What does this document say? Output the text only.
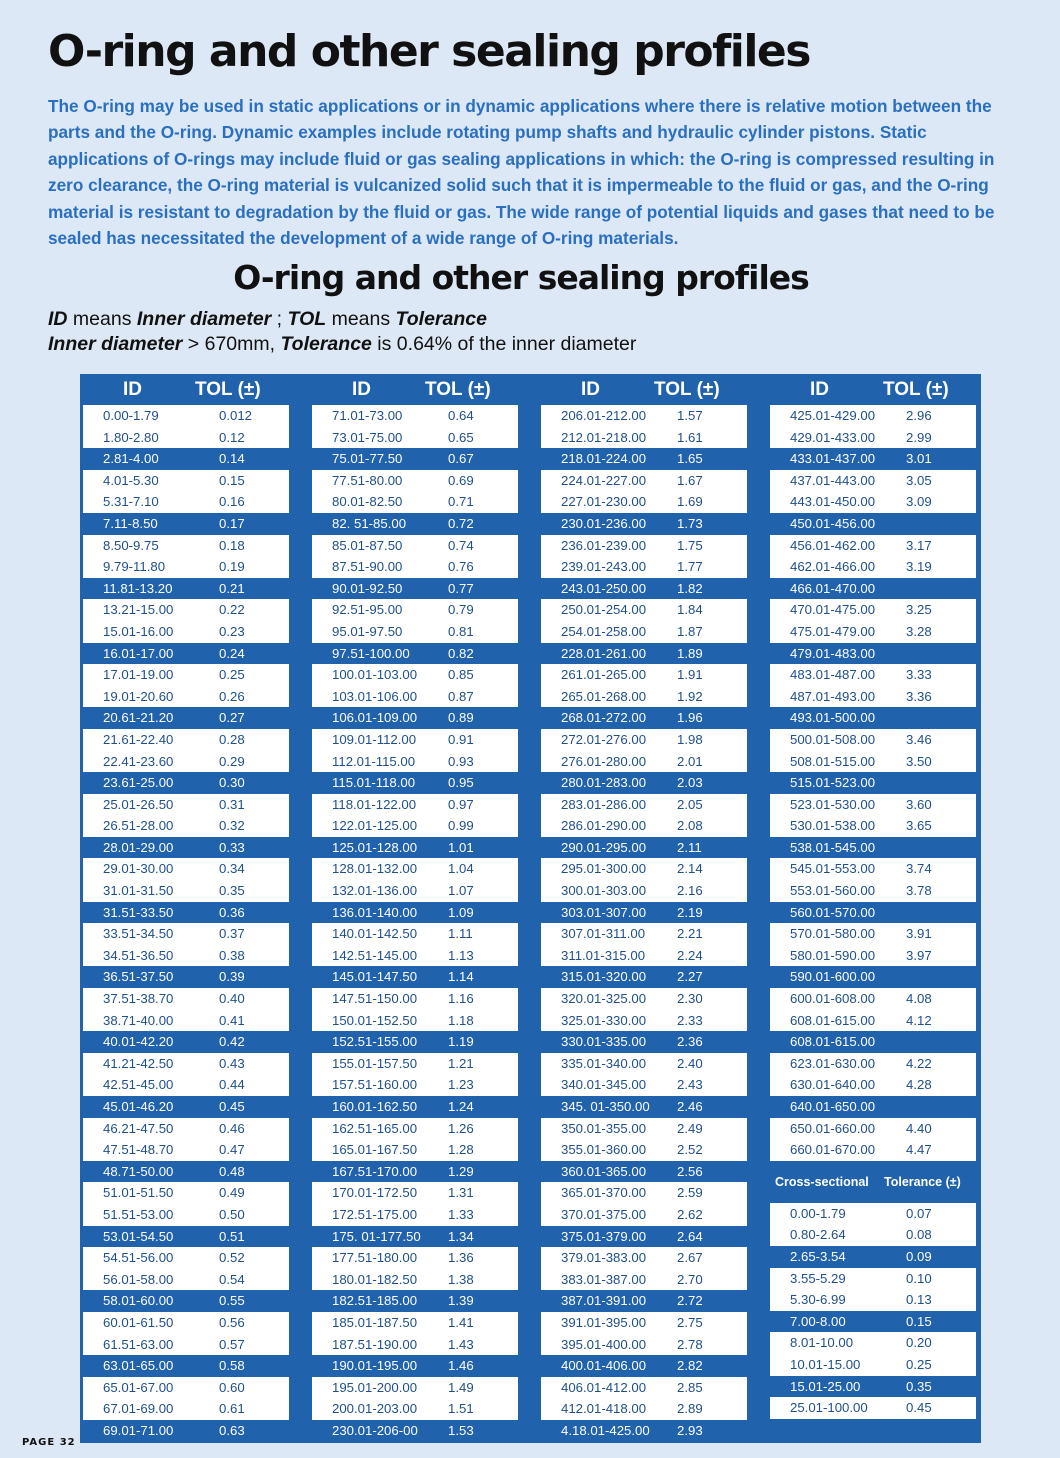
O-ring and other sealing profiles

The O-ring may be used in static applications or in dynamic applications where there is relative motion between the parts and the O-ring. Dynamic examples include rotating pump shafts and hydraulic cylinder pistons. Static applications of O-rings may include fluid or gas sealing applications in which: the O-ring is compressed resulting in zero clearance, the O-ring material is vulcanized solid such that it is impermeable to the fluid or gas, and the O-ring material is resistant to degradation by the fluid or gas. The wide range of potential liquids and gases that need to be sealed has necessitated the development of a wide range of O-ring materials.

O-ring and other sealing profiles
ID means Inner diameter ; TOL means Tolerance
Inner diameter > 670mm, Tolerance is 0.64% of the inner diameter
ID	TOL (±)
0.00-1.79	0.012
1.80-2.80	0.12
2.81-4.00	0.14
4.01-5.30	0.15
5.31-7.10	0.16
7.11-8.50	0.17
8.50-9.75	0.18
9.79-11.80	0.19
11.81-13.20	0.21
13.21-15.00	0.22
15.01-16.00	0.23
16.01-17.00	0.24
17.01-19.00	0.25
19.01-20.60	0.26
20.61-21.20	0.27
21.61-22.40	0.28
22.41-23.60	0.29
23.61-25.00	0.30
25.01-26.50	0.31
26.51-28.00	0.32
28.01-29.00	0.33
29.01-30.00	0.34
31.01-31.50	0.35
31.51-33.50	0.36
33.51-34.50	0.37
34.51-36.50	0.38
36.51-37.50	0.39
37.51-38.70	0.40
38.71-40.00	0.41
40.01-42.20	0.42
41.21-42.50	0.43
42.51-45.00	0.44
45.01-46.20	0.45
46.21-47.50	0.46
47.51-48.70	0.47
48.71-50.00	0.48
51.01-51.50	0.49
51.51-53.00	0.50
53.01-54.50	0.51
54.51-56.00	0.52
56.01-58.00	0.54
58.01-60.00	0.55
60.01-61.50	0.56
61.51-63.00	0.57
63.01-65.00	0.58
65.01-67.00	0.60
67.01-69.00	0.61
69.01-71.00	0.63
ID	TOL (±)
71.01-73.00	0.64
73.01-75.00	0.65
75.01-77.50	0.67
77.51-80.00	0.69
80.01-82.50	0.71
82. 51-85.00	0.72
85.01-87.50	0.74
87.51-90.00	0.76
90.01-92.50	0.77
92.51-95.00	0.79
95.01-97.50	0.81
97.51-100.00	0.82
100.01-103.00 0.85
103.01-106.00 0.87
106.01-109.00 0.89
109.01-112.00 0.91
112.01-115.00 0.93
115.01-118.00 0.95
118.01-122.00 0.97
122.01-125.00 0.99
125.01-128.00 1.01
128.01-132.00 1.04
132.01-136.00 1.07
136.01-140.00 1.09
140.01-142.50 1.11
142.51-145.00 1.13
145.01-147.50 1.14
147.51-150.00 1.16
150.01-152.50 1.18
152.51-155.00 1.19
155.01-157.50 1.21
157.51-160.00 1.23
160.01-162.50 1.24
162.51-165.00 1.26
165.01-167.50 1.28
167.51-170.00 1.29
170.01-172.50 1.31
172.51-175.00 1.33
175. 01-177.50 1.34
177.51-180.00 1.36
180.01-182.50 1.38
182.51-185.00 1.39
185.01-187.50 1.41
187.51-190.00 1.43
190.01-195.00 1.46
195.01-200.00 1.49
200.01-203.00 1.51
230.01-206-00 1.53
ID	TOL (±)
206.01-212.00 1.57
212.01-218.00 1.61
218.01-224.00 1.65
224.01-227.00 1.67
227.01-230.00 1.69
230.01-236.00 1.73
236.01-239.00 1.75
239.01-243.00 1.77
243.01-250.00 1.82
250.01-254.00 1.84
254.01-258.00 1.87
228.01-261.00 1.89
261.01-265.00 1.91
265.01-268.00 1.92
268.01-272.00 1.96
272.01-276.00 1.98
276.01-280.00 2.01
280.01-283.00 2.03
283.01-286.00 2.05
286.01-290.00 2.08
290.01-295.00 2.11
295.01-300.00 2.14
300.01-303.00 2.16
303.01-307.00 2.19
307.01-311.00 2.21
311.01-315.00 2.24
315.01-320.00 2.27
320.01-325.00 2.30
325.01-330.00 2.33
330.01-335.00 2.36
335.01-340.00 2.40
340.01-345.00 2.43
345. 01-350.00 2.46
350.01-355.00 2.49
355.01-360.00 2.52
360.01-365.00 2.56
365.01-370.00 2.59
370.01-375.00 2.62
375.01-379.00 2.64
379.01-383.00 2.67
383.01-387.00 2.70
387.01-391.00 2.72
391.01-395.00 2.75
395.01-400.00 2.78
400.01-406.00 2.82
406.01-412.00 2.85
412.01-418.00 2.89
4.18.01-425.00 2.93
ID	TOL (±)
425.01-429.00 2.96
429.01-433.00 2.99
433.01-437.00 3.01
437.01-443.00 3.05
443.01-450.00 3.09
450.01-456.00
456.01-462.00 3.17
462.01-466.00 3.19
466.01-470.00
470.01-475.00 3.25
475.01-479.00 3.28
479.01-483.00
483.01-487.00 3.33
487.01-493.00 3.36
493.01-500.00
500.01-508.00 3.46
508.01-515.00 3.50
515.01-523.00
523.01-530.00 3.60
530.01-538.00 3.65
538.01-545.00
545.01-553.00 3.74
553.01-560.00 3.78
560.01-570.00
570.01-580.00 3.91
580.01-590.00 3.97
590.01-600.00
600.01-608.00 4.08
608.01-615.00 4.12
608.01-615.00
623.01-630.00 4.22
630.01-640.00 4.28
640.01-650.00
650.01-660.00 4.40
660.01-670.00 4.47
Cross-sectional Tolerance (±)
0.00-1.79	0.07
0.80-2.64	0.08
2.65-3.54	0.09
3.55-5.29	0.10
5.30-6.99	0.13
7.00-8.00	0.15
8.01-10.00	0.20
10.01-15.00	0.25
15.01-25.00	0.35
25.01-100.00	0.45
PAGE 32
